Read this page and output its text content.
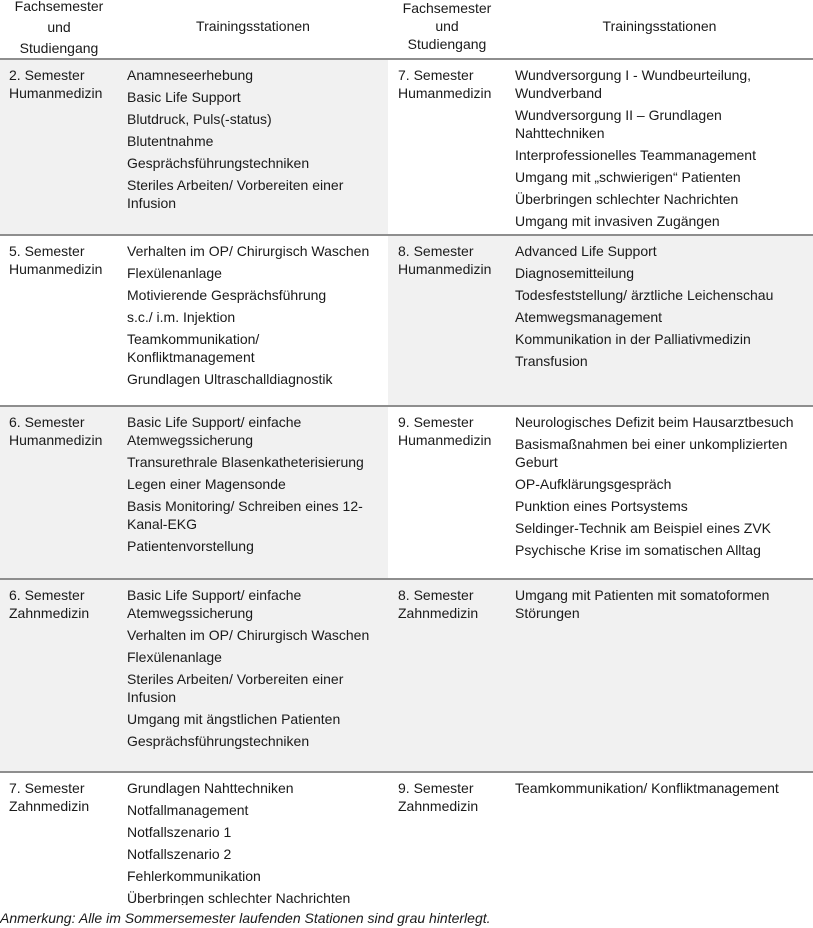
Fachsemester
und
Studiengang
Trainingsstationen
Fachsemester
und
Studiengang
Trainingsstationen
2. Semester
Humanmedizin
Anamneseerhebung
Basic Life Support
Blutdruck, Puls(-status)
Blutentnahme
Gesprächsführungstechniken
Steriles Arbeiten/ Vorbereiten einer Infusion
7. Semester
Humanmedizin
Wundversorgung I - Wundbeurteilung, Wundverband
Wundversorgung II – Grundlagen Nahttechniken
Interprofessionelles Teammanagement
Umgang mit „schwierigen“ Patienten
Überbringen schlechter Nachrichten
Umgang mit invasiven Zugängen
5. Semester
Humanmedizin
Verhalten im OP/ Chirurgisch Waschen
Flexülenanlage
Motivierende Gesprächsführung
s.c./ i.m. Injektion
Teamkommunikation/ Konfliktmanagement
Grundlagen Ultraschalldiagnostik
8. Semester
Humanmedizin
Advanced Life Support
Diagnosemitteilung
Todesfeststellung/ ärztliche Leichenschau
Atemwegsmanagement
Kommunikation in der Palliativmedizin
Transfusion
6. Semester
Humanmedizin
Basic Life Support/ einfache Atemwegssicherung
Transurethrale Blasenkatheterisierung
Legen einer Magensonde
Basis Monitoring/ Schreiben eines 12-Kanal-EKG
Patientenvorstellung
9. Semester
Humanmedizin
Neurologisches Defizit beim Hausarztbesuch
Basismaßnahmen bei einer unkomplizierten Geburt
OP-Aufklärungsgespräch
Punktion eines Portsystems
Seldinger-Technik am Beispiel eines ZVK
Psychische Krise im somatischen Alltag
6. Semester
Zahnmedizin
Basic Life Support/ einfache Atemwegssicherung
Verhalten im OP/ Chirurgisch Waschen
Flexülenanlage
Steriles Arbeiten/ Vorbereiten einer Infusion
Umgang mit ängstlichen Patienten
Gesprächsführungstechniken
8. Semester
Zahnmedizin
Umgang mit Patienten mit somatoformen Störungen
7. Semester
Zahnmedizin
Grundlagen Nahttechniken
Notfallmanagement
Notfallszenario 1
Notfallszenario 2
Fehlerkommunikation
Überbringen schlechter Nachrichten
9. Semester
Zahnmedizin
Teamkommunikation/ Konfliktmanagement
Anmerkung: Alle im Sommersemester laufenden Stationen sind grau hinterlegt.
